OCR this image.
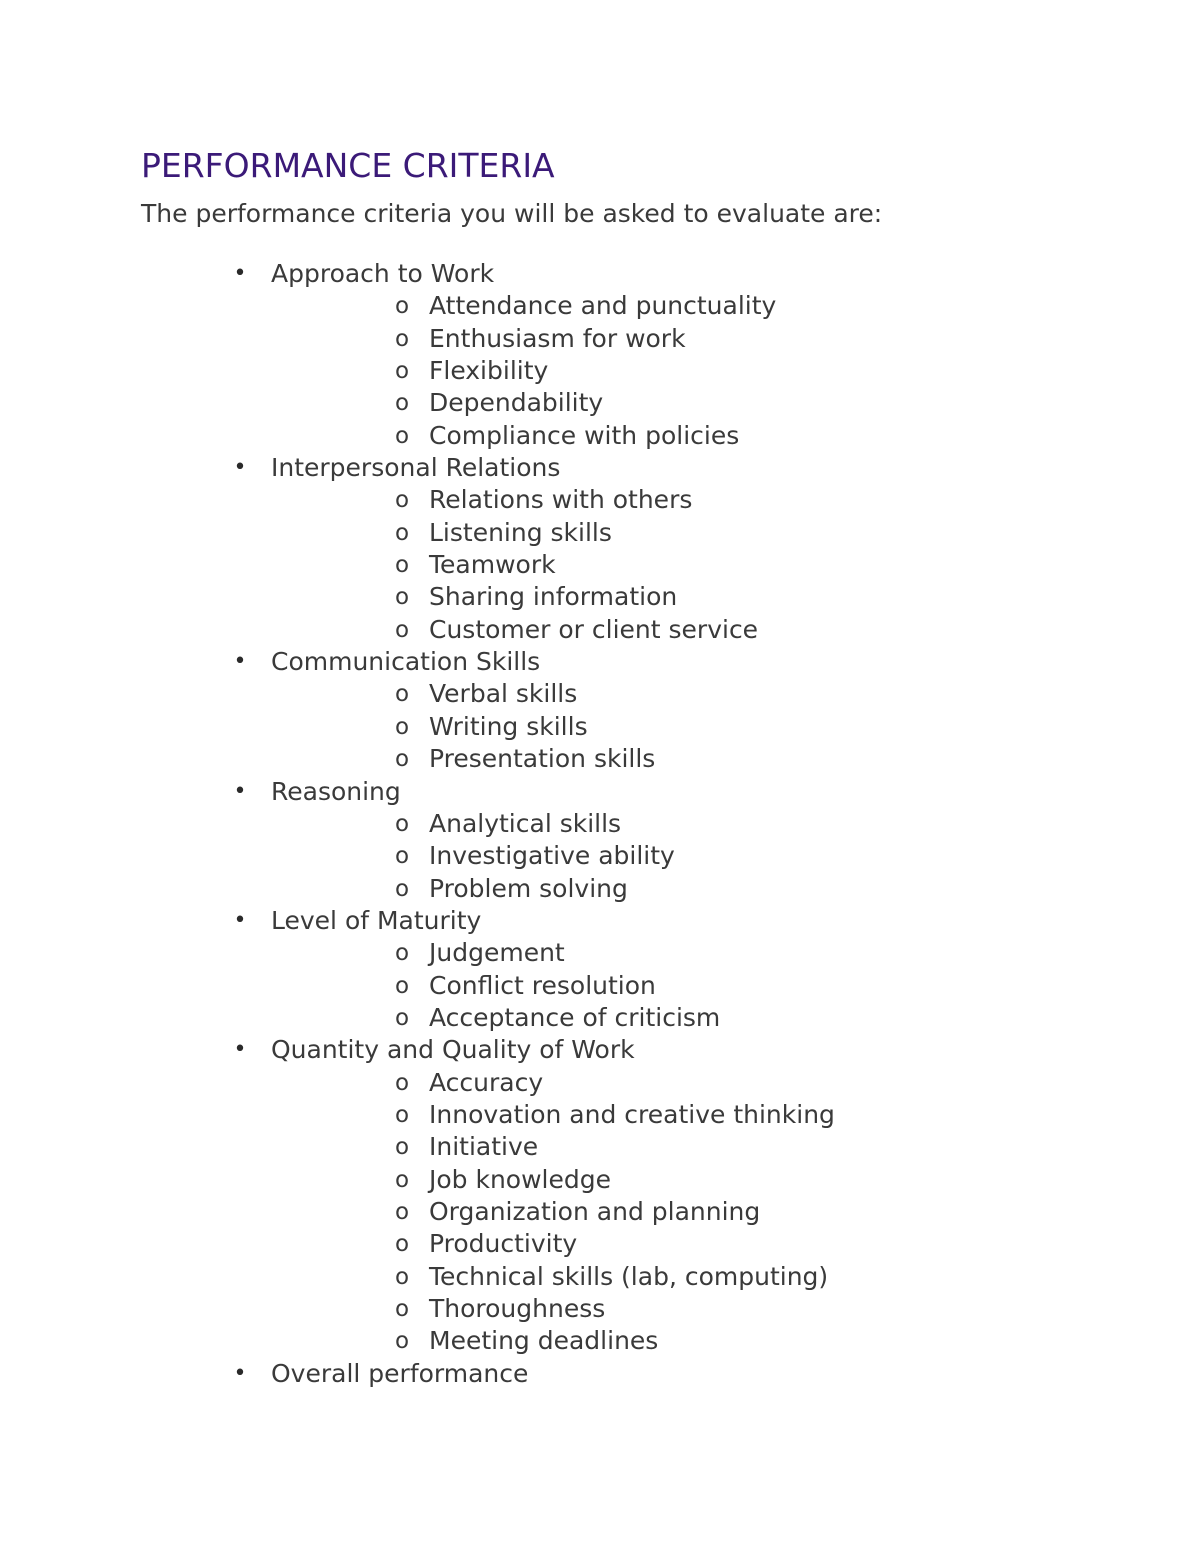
PERFORMANCE CRITERIA

The performance criteria you will be asked to evaluate are:

• Approach to Work
o Attendance and punctuality
o Enthusiasm for work
o Flexibility
o Dependability
o Compliance with policies
• Interpersonal Relations
o Relations with others
o Listening skills
o Teamwork
o Sharing information
o Customer or client service
• Communication Skills
o Verbal skills
o Writing skills
o Presentation skills
• Reasoning
o Analytical skills
o Investigative ability
o Problem solving
• Level of Maturity
o Judgement
o Conflict resolution
o Acceptance of criticism
• Quantity and Quality of Work
o Accuracy
o Innovation and creative thinking
o Initiative
o Job knowledge
o Organization and planning
o Productivity
o Technical skills (lab, computing)
o Thoroughness
o Meeting deadlines
• Overall performance
